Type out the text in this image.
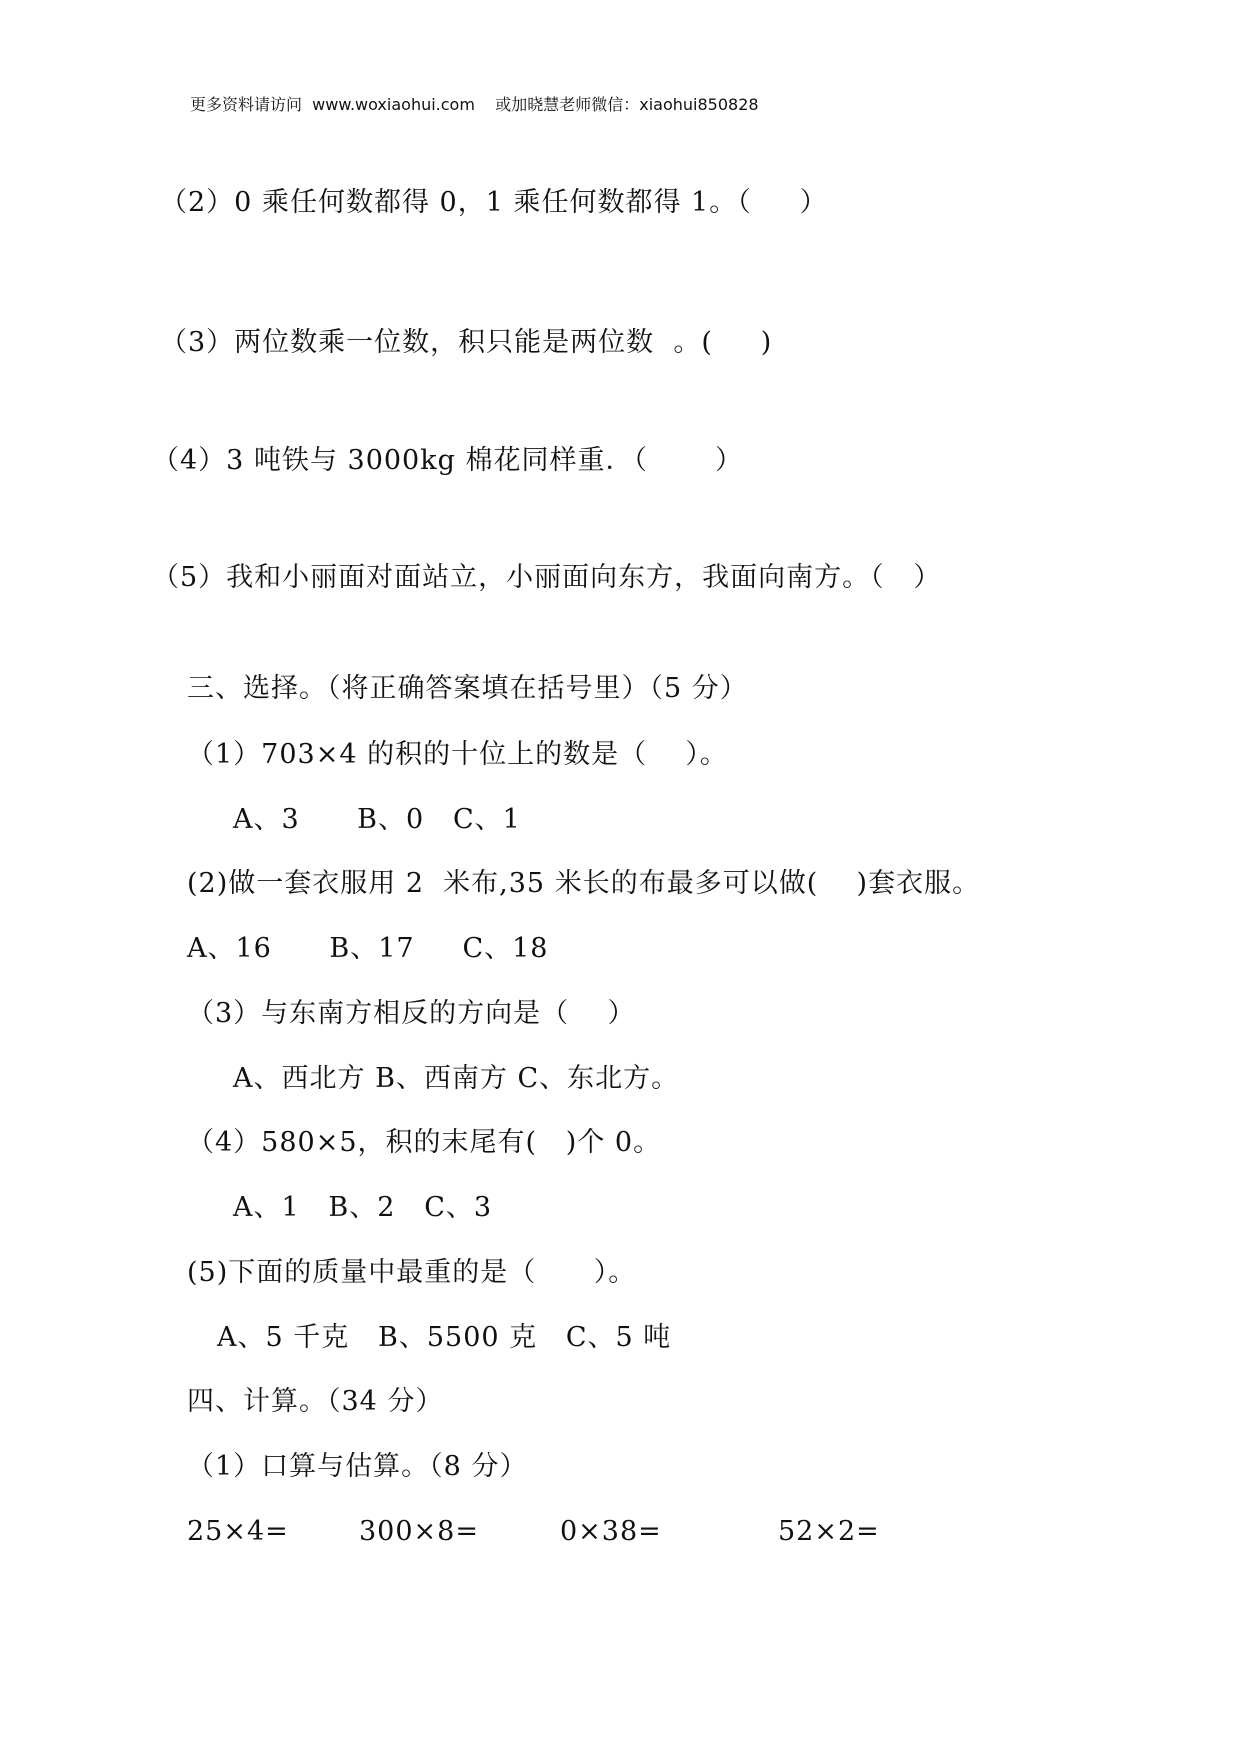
更多资料请访问  www.woxiaohui.com    或加晓慧老师微信：xiaohui850828
（2）0 乘任何数都得 0，1 乘任何数都得 1。（     ）
（3）两位数乘一位数，积只能是两位数  。(     )
（4）3 吨铁与 3000kg 棉花同样重．（       ）
（5）我和小丽面对面站立，小丽面向东方，我面向南方。（   ）
三、选择。（将正确答案填在括号里）（5 分）
（1）703×4 的积的十位上的数是（    ）。
A、3      B、0   C、1
(2)做一套衣服用 2  米布,35 米长的布最多可以做(    )套衣服。
A、16      B、17     C、18
（3）与东南方相反的方向是（    ）
A、西北方 B、西南方 C、东北方。
（4）580×5，积的末尾有(   )个 0。
A、1   B、2   C、3
(5)下面的质量中最重的是（      ）。
A、5 千克   B、5500 克   C、5 吨
四、计算。（34 分）
（1）口算与估算。（8 分）
25×4=	300×8=	0×38=	52×2=
